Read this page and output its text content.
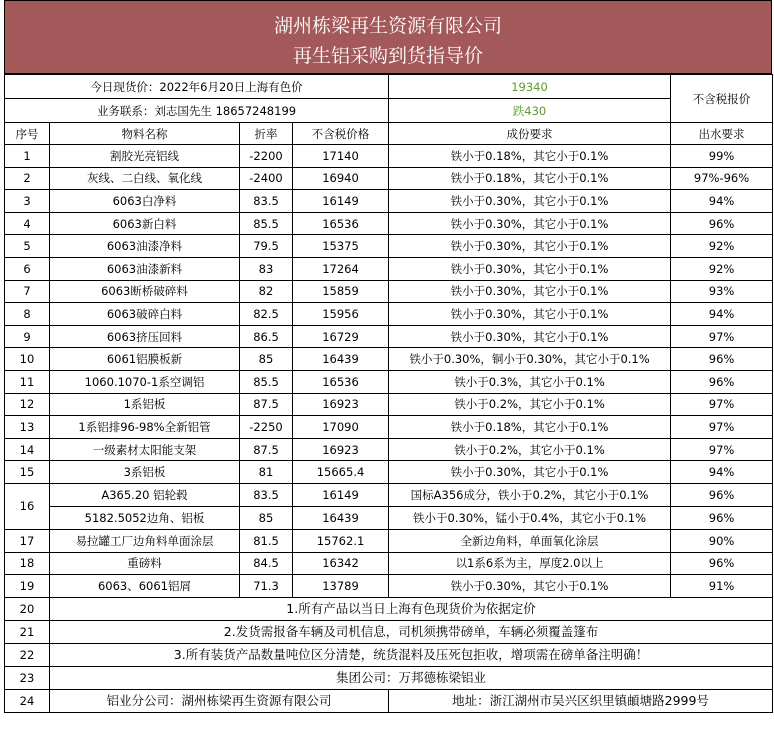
湖州栋梁再生资源有限公司
再生铝采购到货指导价
今日现货价：2022年6月20日上海有色价				19340	不含税报价
业务联系：刘志国先生 18657248199				跌430	
序号	物料名称	折率	不含税价格	成份要求	出水要求
1	割胶光亮铝线	-2200	17140	铁小于0.18%，其它小于0.1%	99%
2	灰线、二白线、氧化线	-2400	16940	铁小于0.18%，其它小于0.1%	97%-96%
3	6063白净料	83.5	16149	铁小于0.30%，其它小于0.1%	94%
4	6063新白料	85.5	16536	铁小于0.30%，其它小于0.1%	96%
5	6063油漆净料	79.5	15375	铁小于0.30%，其它小于0.1%	92%
6	6063油漆新料	83	17264	铁小于0.30%，其它小于0.1%	92%
7	6063断桥破碎料	82	15859	铁小于0.30%，其它小于0.1%	93%
8	6063破碎白料	82.5	15956	铁小于0.30%，其它小于0.1%	94%
9	6063挤压回料	86.5	16729	铁小于0.30%，其它小于0.1%	97%
10	6061铝膜板新	85	16439	铁小于0.30%，铜小于0.30%，其它小于0.1%	96%
11	1060.1070-1系空调铝	85.5	16536	铁小于0.3%，其它小于0.1%	96%
12	1系铝板	87.5	16923	铁小于0.2%，其它小于0.1%	97%
13	1系铝排96-98%全新铝管	-2250	17090	铁小于0.18%，其它小于0.1%	97%
14	一级素材太阳能支架	87.5	16923	铁小于0.2%，其它小于0.1%	97%
15	3系铝板	81	15665.4	铁小于0.30%，其它小于0.1%	94%
16	A365.20 铝轮毂	83.5	16149	国标A356成分，铁小于0.2%，其它小于0.1%	96%
	5182.5052边角、铝板	85	16439	铁小于0.30%，锰小于0.4%，其它小于0.1%	96%
17	易拉罐工厂边角料单面涂层	81.5	15762.1	全新边角料，单面氧化涂层	90%
18	重磅料	84.5	16342	以1系6系为主，厚度2.0以上	96%
19	6063、6061铝屑	71.3	13789	铁小于0.30%，其它小于0.1%	91%
20	1.所有产品以当日上海有色现货价为依据定价				
21	2.发货需报备车辆及司机信息，司机须携带磅单，车辆必须覆盖篷布				
22	3.所有装货产品数量吨位区分清楚，统货混料及压死包拒收，增项需在磅单备注明确！				
23	集团公司：万邦德栋梁铝业				
24	铝业分公司：湖州栋梁再生资源有限公司			地址：浙江湖州市吴兴区织里镇頔塘路2999号	
